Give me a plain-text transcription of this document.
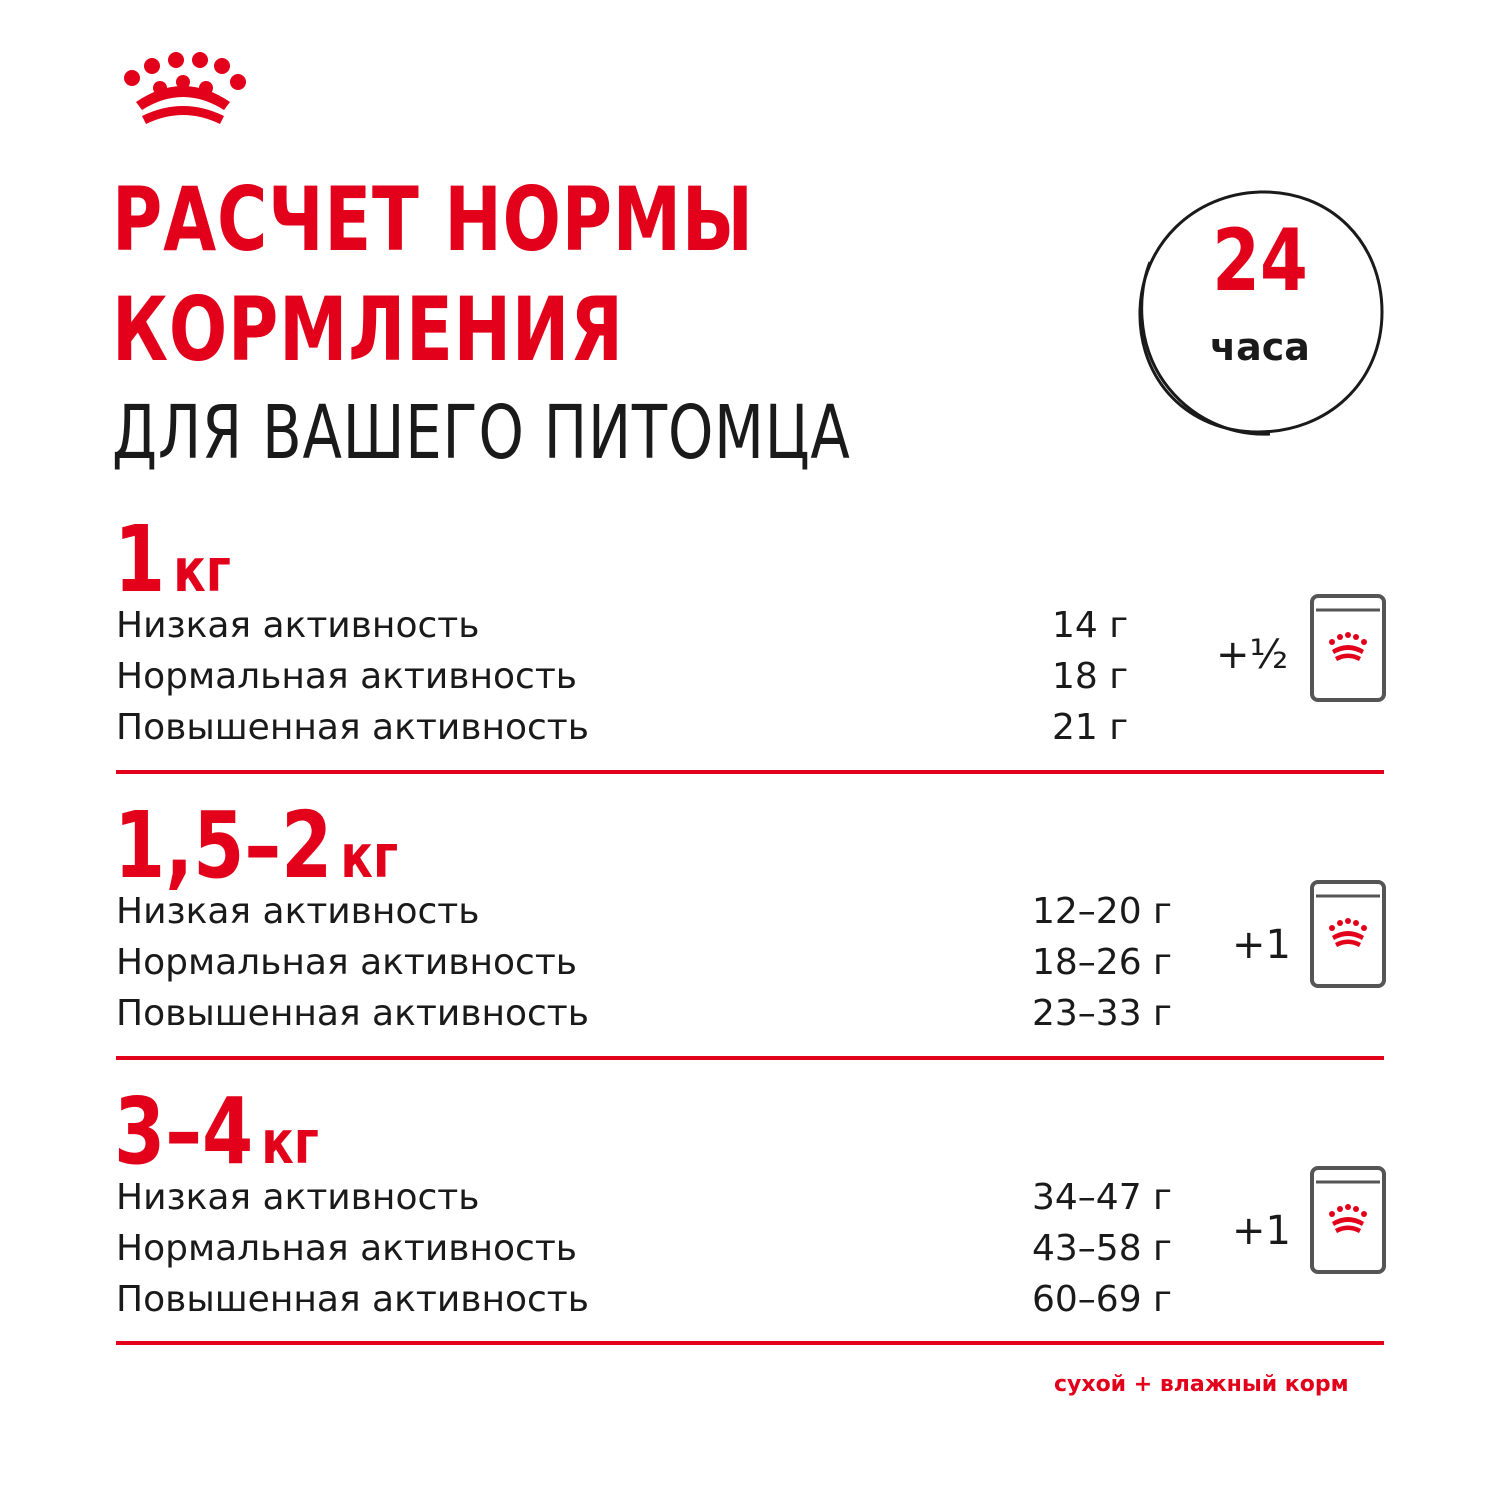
РАСЧЕТ НОРМЫ
КОРМЛЕНИЯ
ДЛЯ ВАШЕГО ПИТОМЦА
24
часа
1 кг
Низкая активность	14 г
Нормальная активность	18 г
Повышенная активность	21 г
+½
1,5–2 кг
Низкая активность	12–20 г
Нормальная активность	18–26 г
Повышенная активность	23–33 г
+1
3–4 кг
Низкая активность	34–47 г
Нормальная активность	43–58 г
Повышенная активность	60–69 г
+1
сухой + влажный корм
